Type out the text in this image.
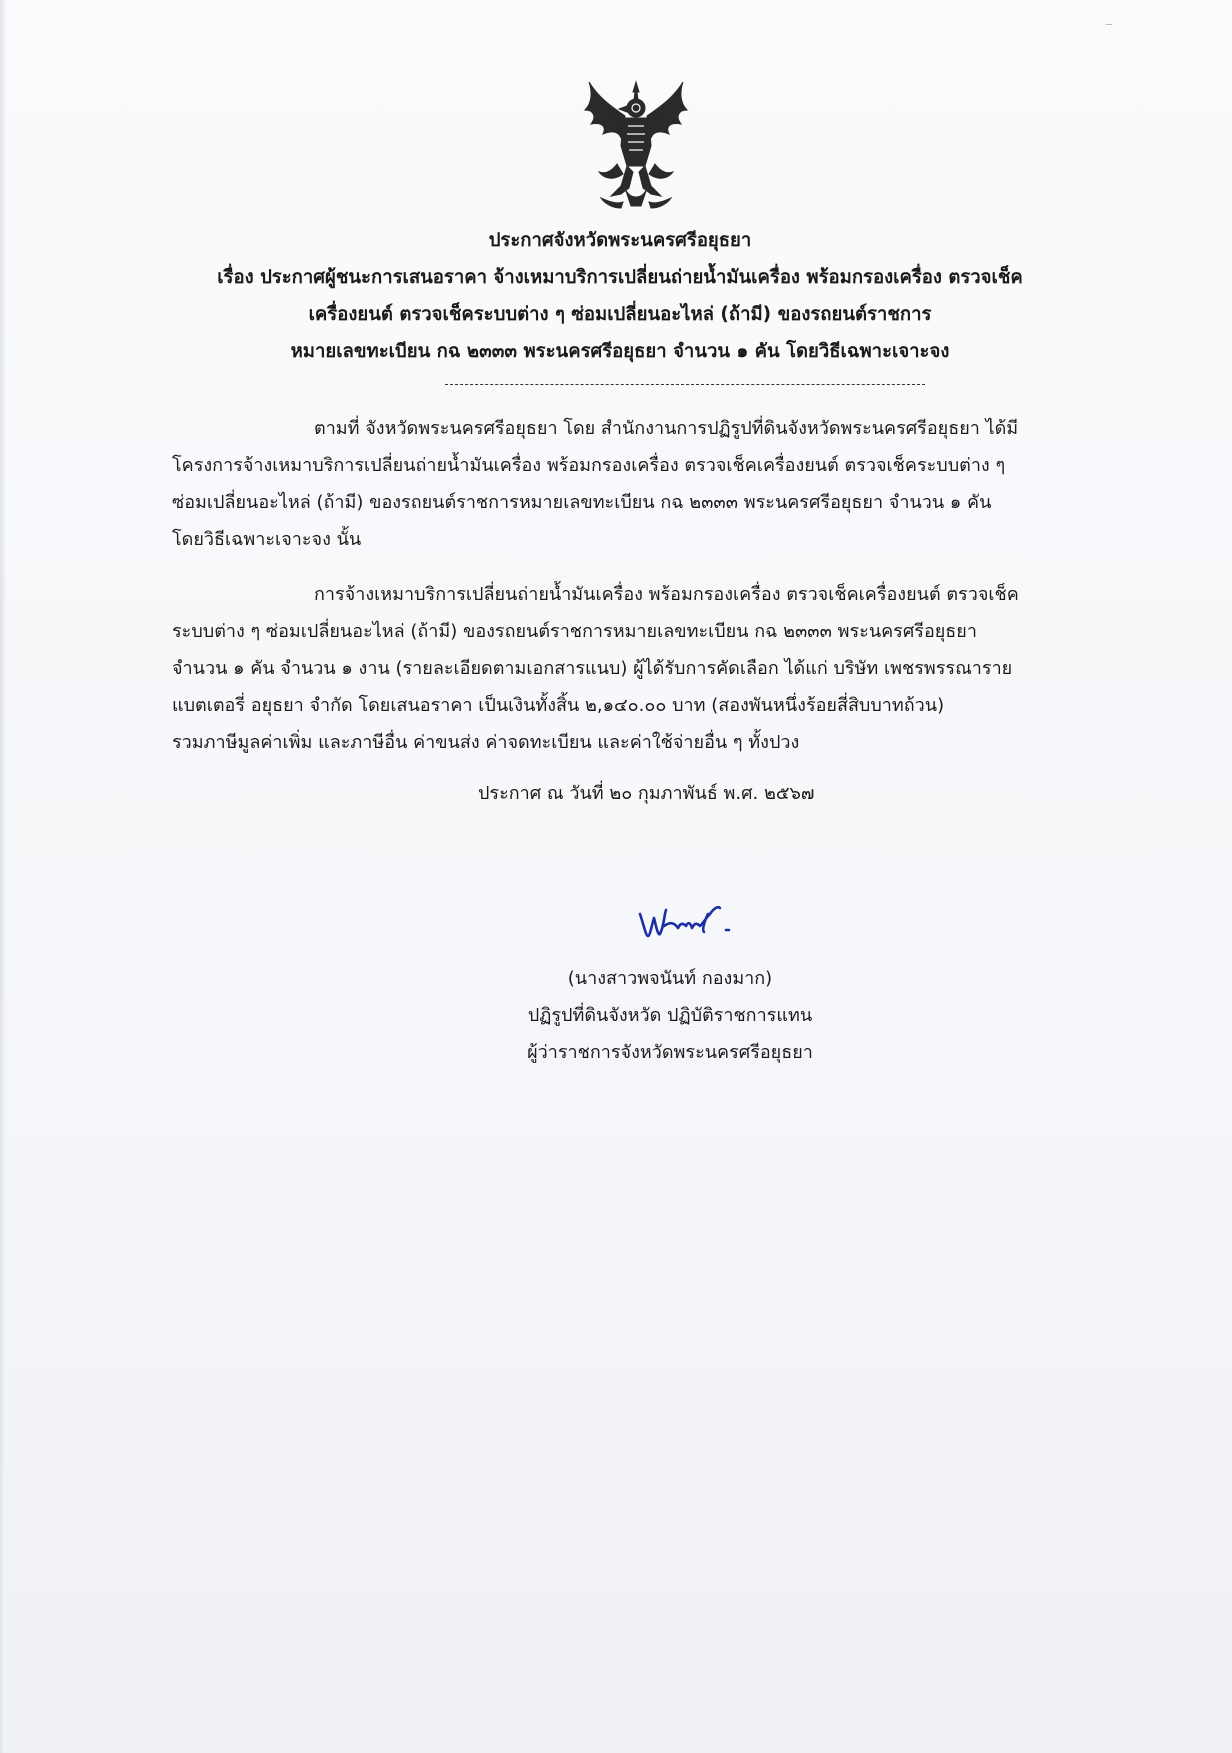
ประกาศจังหวัดพระนครศรีอยุธยา
เรื่อง ประกาศผู้ชนะการเสนอราคา จ้างเหมาบริการเปลี่ยนถ่ายน้ำมันเครื่อง พร้อมกรองเครื่อง ตรวจเช็ค
เครื่องยนต์ ตรวจเช็คระบบต่าง ๆ ซ่อมเปลี่ยนอะไหล่ (ถ้ามี) ของรถยนต์ราชการ
หมายเลขทะเบียน กฉ ๒๓๓๓ พระนครศรีอยุธยา จำนวน ๑ คัน โดยวิธีเฉพาะเจาะจง
ตามที่ จังหวัดพระนครศรีอยุธยา โดย สำนักงานการปฏิรูปที่ดินจังหวัดพระนครศรีอยุธยา ได้มี
โครงการจ้างเหมาบริการเปลี่ยนถ่ายน้ำมันเครื่อง พร้อมกรองเครื่อง ตรวจเช็คเครื่องยนต์ ตรวจเช็คระบบต่าง ๆ
ซ่อมเปลี่ยนอะไหล่ (ถ้ามี) ของรถยนต์ราชการหมายเลขทะเบียน กฉ ๒๓๓๓ พระนครศรีอยุธยา จำนวน ๑ คัน
โดยวิธีเฉพาะเจาะจง นั้น
การจ้างเหมาบริการเปลี่ยนถ่ายน้ำมันเครื่อง พร้อมกรองเครื่อง ตรวจเช็คเครื่องยนต์ ตรวจเช็ค
ระบบต่าง ๆ ซ่อมเปลี่ยนอะไหล่ (ถ้ามี) ของรถยนต์ราชการหมายเลขทะเบียน กฉ ๒๓๓๓ พระนครศรีอยุธยา
จำนวน ๑ คัน จำนวน ๑ งาน (รายละเอียดตามเอกสารแนบ) ผู้ได้รับการคัดเลือก ได้แก่ บริษัท เพชรพรรณาราย
แบตเตอรี่ อยุธยา จำกัด โดยเสนอราคา เป็นเงินทั้งสิ้น ๒,๑๔๐.๐๐ บาท (สองพันหนึ่งร้อยสี่สิบบาทถ้วน)
รวมภาษีมูลค่าเพิ่ม และภาษีอื่น ค่าขนส่ง ค่าจดทะเบียน และค่าใช้จ่ายอื่น ๆ ทั้งปวง
ประกาศ ณ วันที่ ๒๐ กุมภาพันธ์ พ.ศ. ๒๕๖๗
(นางสาวพจนันท์ กองมาก)
ปฏิรูปที่ดินจังหวัด ปฏิบัติราชการแทน
ผู้ว่าราชการจังหวัดพระนครศรีอยุธยา
